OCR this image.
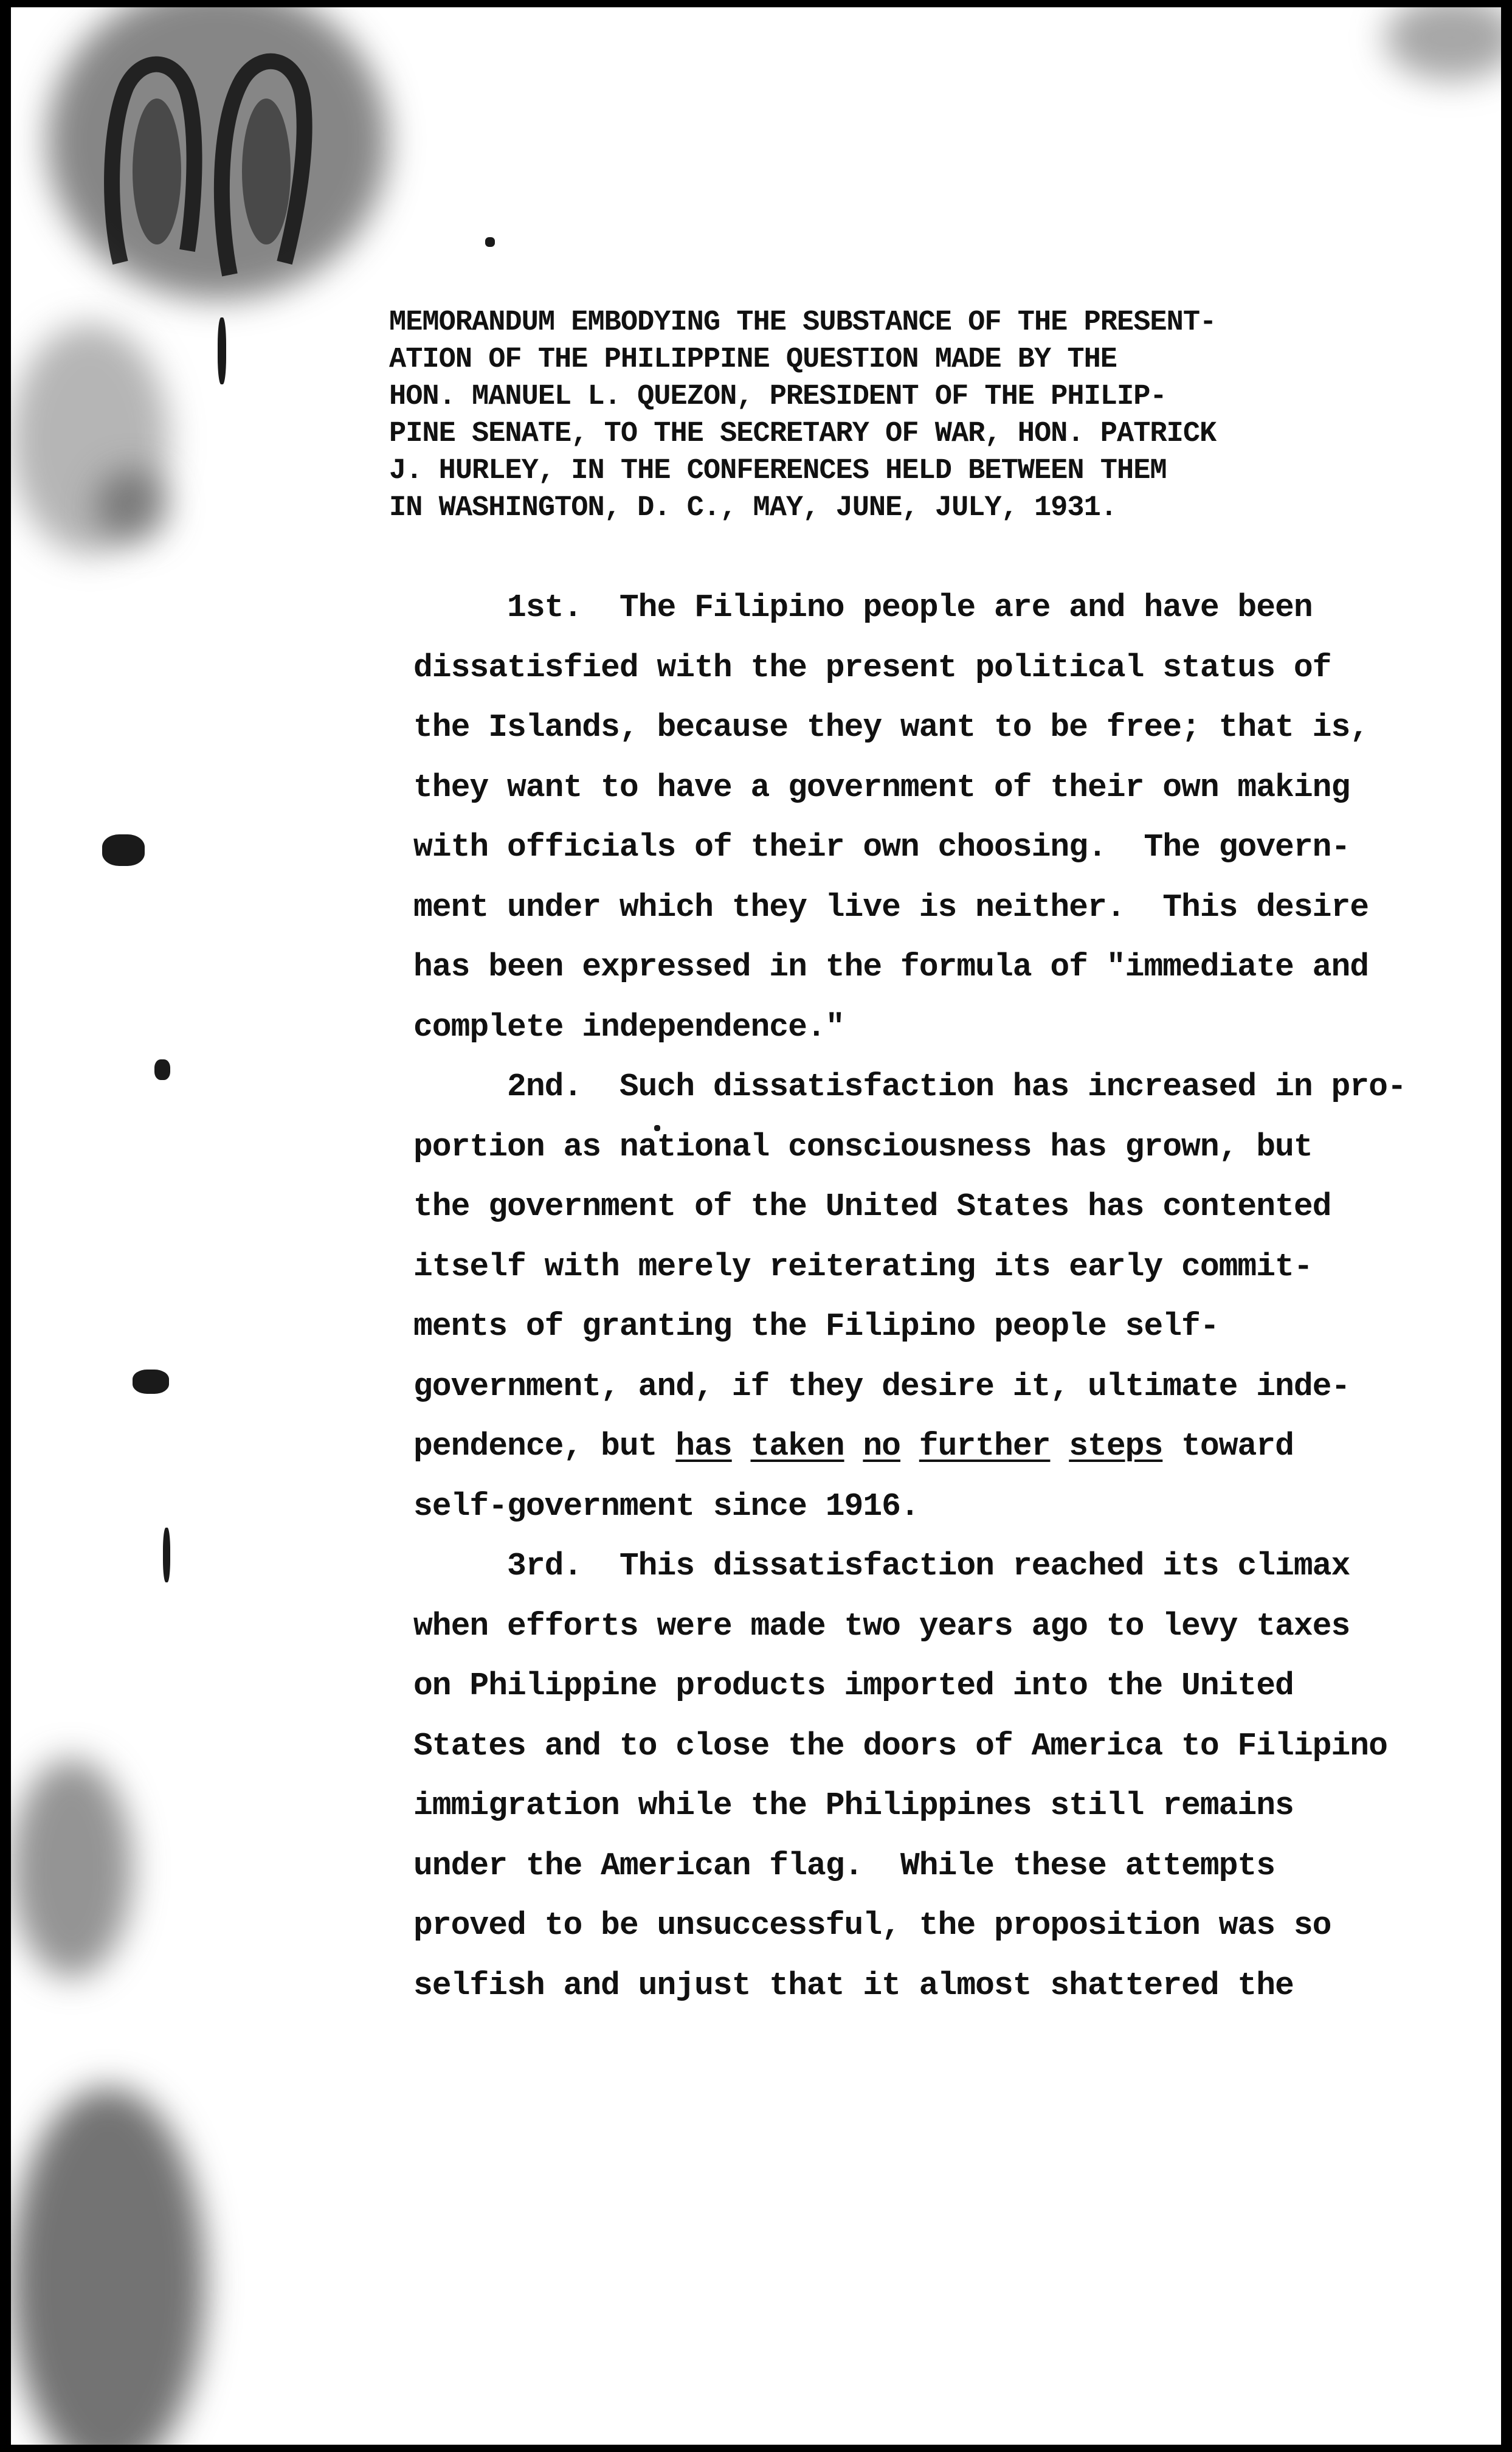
MEMORANDUM EMBODYING THE SUBSTANCE OF THE PRESENT-
ATION OF THE PHILIPPINE QUESTION MADE BY THE
HON. MANUEL L. QUEZON, PRESIDENT OF THE PHILIP-
PINE SENATE, TO THE SECRETARY OF WAR, HON. PATRICK
J. HURLEY, IN THE CONFERENCES HELD BETWEEN THEM
IN WASHINGTON, D. C., MAY, JUNE, JULY, 1931.
1st.  The Filipino people are and have been
dissatisfied with the present political status of
the Islands, because they want to be free; that is,
they want to have a government of their own making
with officials of their own choosing.  The govern-
ment under which they live is neither.  This desire
has been expressed in the formula of "immediate and
complete independence."
2nd.  Such dissatisfaction has increased in pro-
portion as national consciousness has grown, but
the government of the United States has contented
itself with merely reiterating its early commit-
ments of granting the Filipino people self-
government, and, if they desire it, ultimate inde-
pendence, but has taken no further steps toward
self-government since 1916.
3rd.  This dissatisfaction reached its climax
when efforts were made two years ago to levy taxes
on Philippine products imported into the United
States and to close the doors of America to Filipino
immigration while the Philippines still remains
under the American flag.  While these attempts
proved to be unsuccessful, the proposition was so
selfish and unjust that it almost shattered the
